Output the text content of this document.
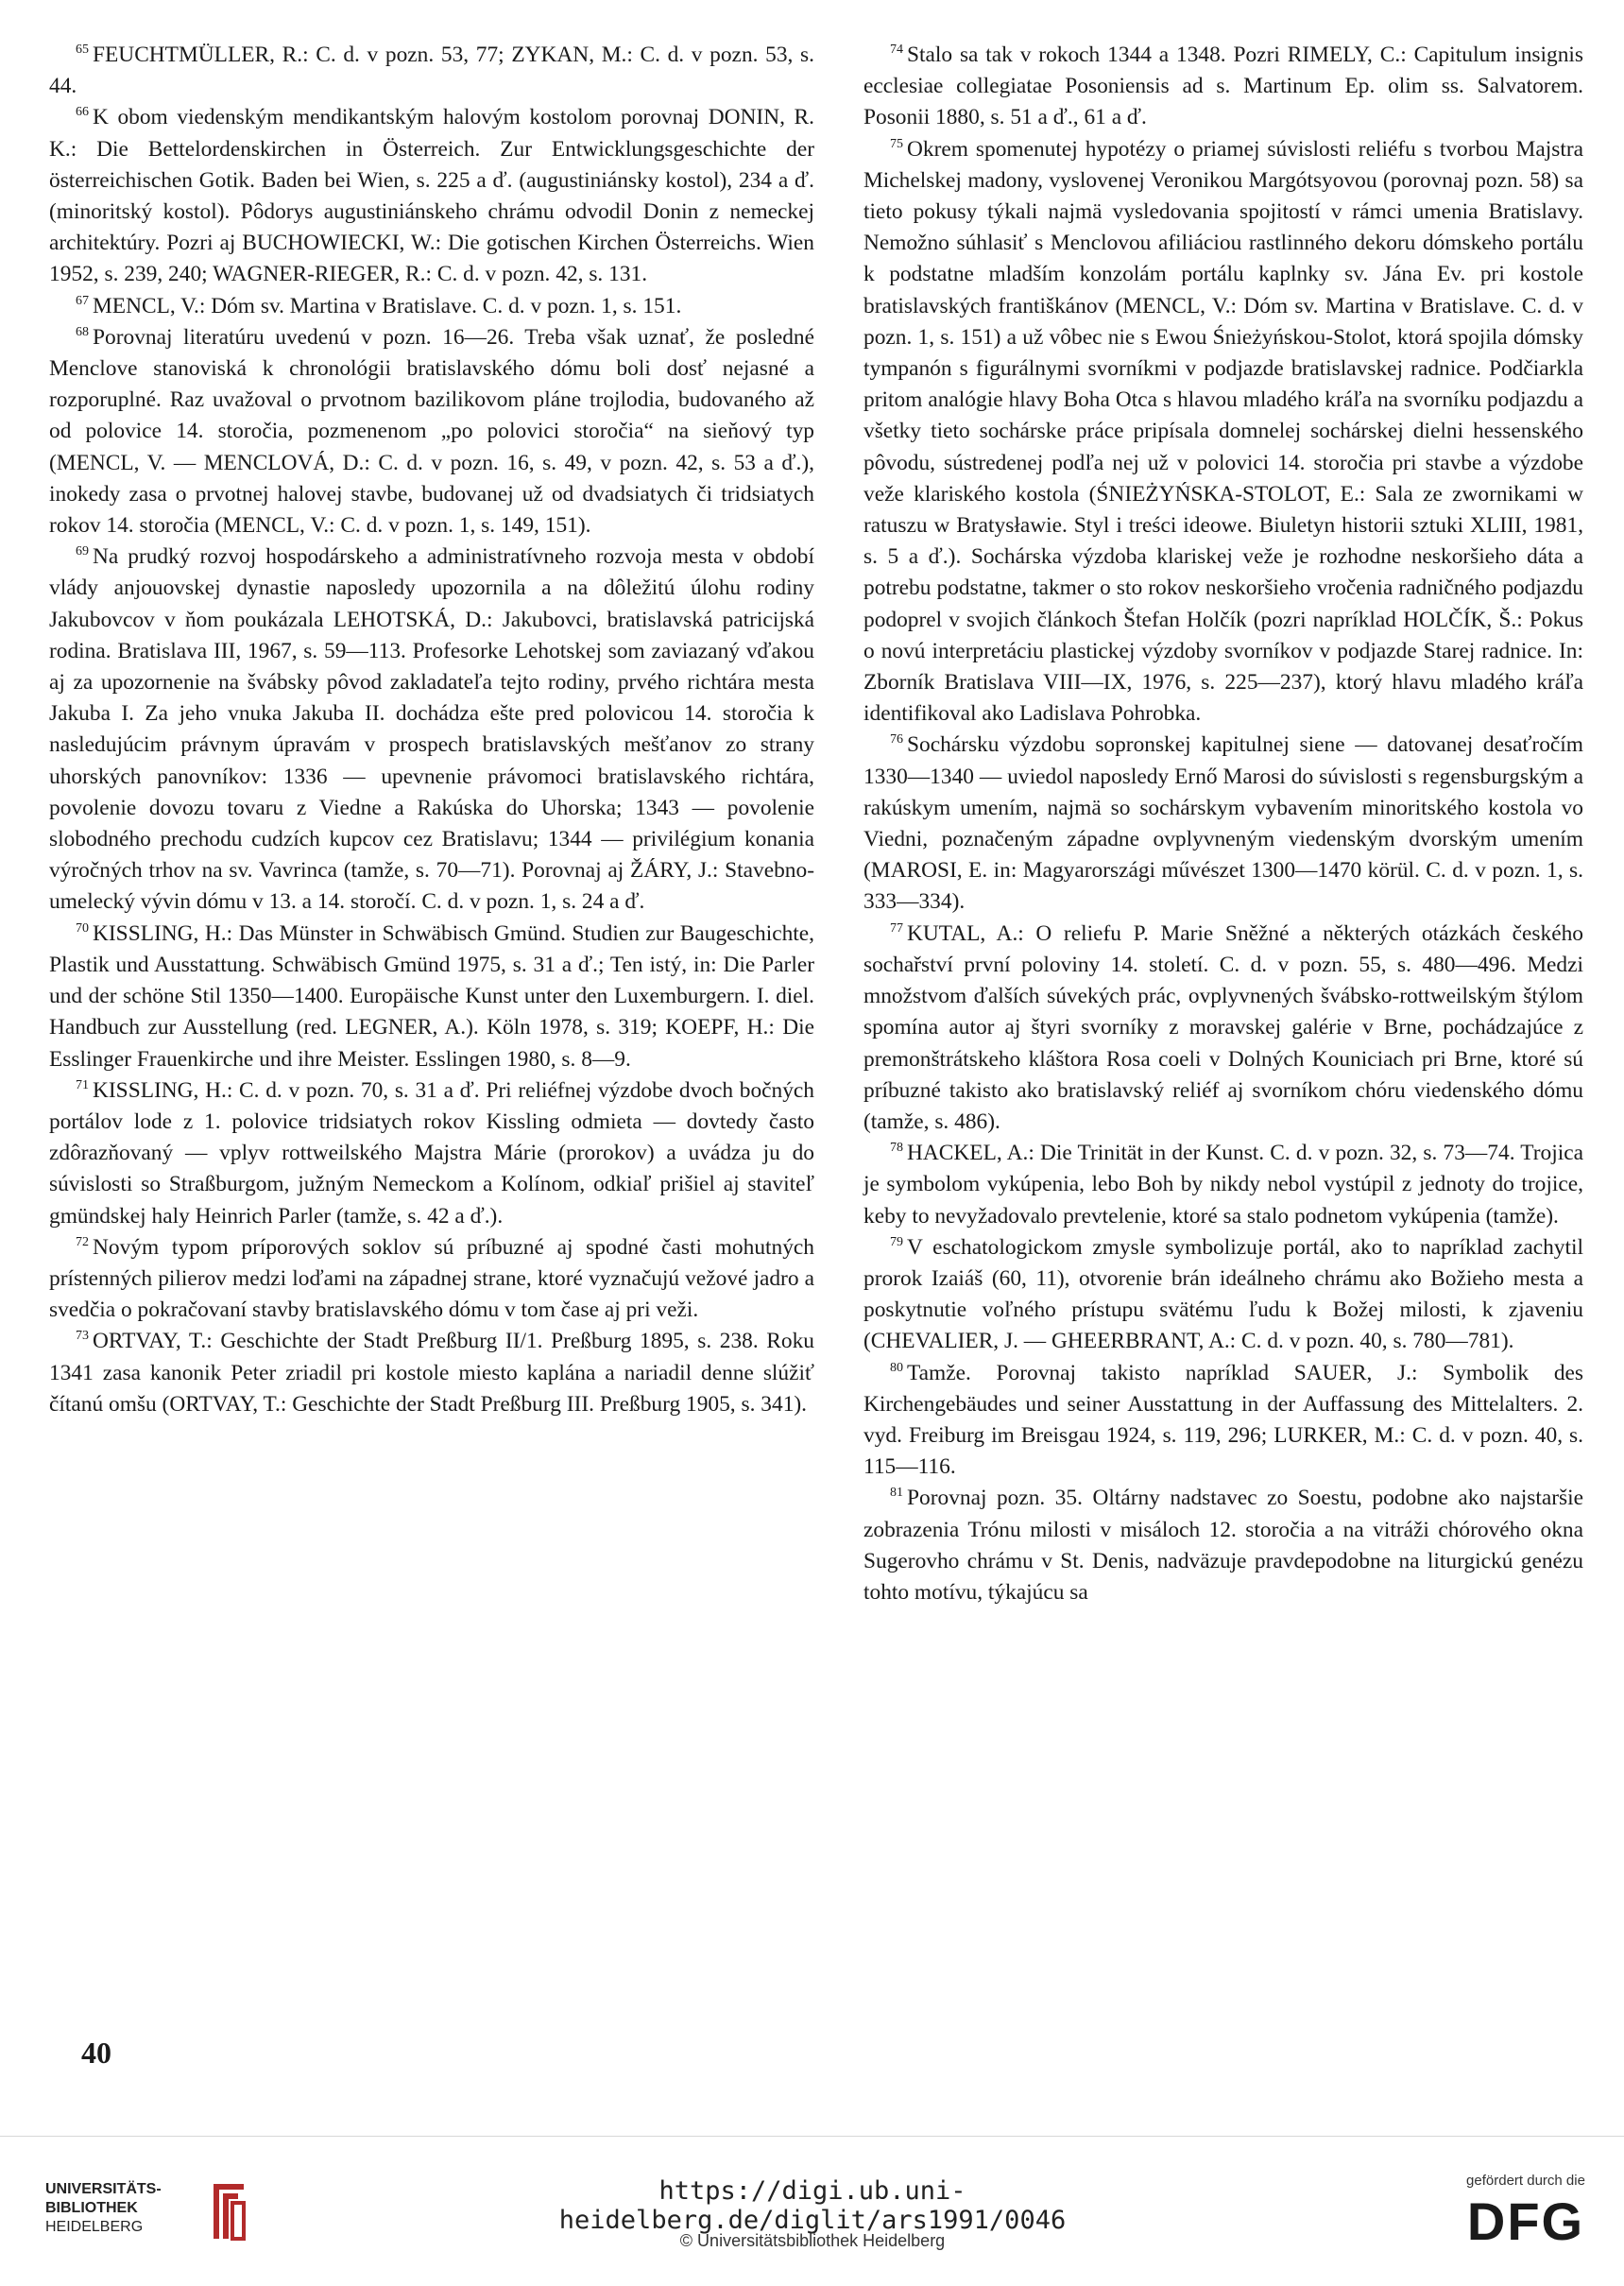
$^{65}$ FEUCHTMÜLLER, R.: C. d. v pozn. 53, 77; ZYKAN, M.: C. d. v pozn. 53, s. 44.

$^{66}$ K obom viedenským mendikantským halovým kostolom porovnaj DONIN, R. K.: Die Bettelordenskirchen in Österreich. Zur Entwicklungsgeschichte der österreichischen Gotik. Baden bei Wien, s. 225 a ď. (augustiniánsky kostol), 234 a ď. (minoritský kostol). Pôdorys augustiniánskeho chrámu odvodil Donin z nemeckej architektúry. Pozri aj BUCHOWIECKI, W.: Die gotischen Kirchen Österreichs. Wien 1952, s. 239, 240; WAGNER-RIEGER, R.: C. d. v pozn. 42, s. 131.

$^{67}$ MENCL, V.: Dóm sv. Martina v Bratislave. C. d. v pozn. 1, s. 151.

$^{68}$ Porovnaj literatúru uvedenú v pozn. 16—26. Treba však uznať, že posledné Menclove stanoviská k chronológii bratislavského dómu boli dosť nejasné a rozporuplné. Raz uvažoval o prvotnom bazilikovom pláne trojlodia, budovaného až od polovice 14. storočia, pozmenenom „po polovici storočia“ na sieňový typ (MENCL, V. — MENCLOVÁ, D.: C. d. v pozn. 16, s. 49, v pozn. 42, s. 53 a ď.), inokedy zasa o prvotnej halovej stavbe, budovanej už od dvadsiatych či tridsiatych rokov 14. storočia (MENCL, V.: C. d. v pozn. 1, s. 149, 151).

$^{69}$ Na prudký rozvoj hospodárskeho a administratívneho rozvoja mesta v období vlády anjouovskej dynastie naposledy upozornila a na dôležitú úlohu rodiny Jakubovcov v ňom poukázala LEHOTSKÁ, D.: Jakubovci, bratislavská patricijská rodina. Bratislava III, 1967, s. 59—113. Profesorke Lehotskej som zaviazaný vďakou aj za upozornenie na švábsky pôvod zakladateľa tejto rodiny, prvého richtára mesta Jakuba I. Za jeho vnuka Jakuba II. dochádza ešte pred polovicou 14. storočia k nasledujúcim právnym úpravám v prospech bratislavských mešťanov zo strany uhorských panovníkov: 1336 — upevnenie právomoci bratislavského richtára, povolenie dovozu tovaru z Viedne a Rakúska do Uhorska; 1343 — povolenie slobodného prechodu cudzích kupcov cez Bratislavu; 1344 — privilégium konania výročných trhov na sv. Vavrinca (tamže, s. 70—71). Porovnaj aj ŽÁRY, J.: Stavebno-umelecký vývin dómu v 13. a 14. storočí. C. d. v pozn. 1, s. 24 a ď.

$^{70}$ KISSLING, H.: Das Münster in Schwäbisch Gmünd. Studien zur Baugeschichte, Plastik und Ausstattung. Schwäbisch Gmünd 1975, s. 31 a ď.; Ten istý, in: Die Parler und der schöne Stil 1350—1400. Europäische Kunst unter den Luxemburgern. I. diel. Handbuch zur Ausstellung (red. LEGNER, A.). Köln 1978, s. 319; KOEPF, H.: Die Esslinger Frauenkirche und ihre Meister. Esslingen 1980, s. 8—9.

$^{71}$ KISSLING, H.: C. d. v pozn. 70, s. 31 a ď. Pri reliéfnej výzdobe dvoch bočných portálov lode z 1. polovice tridsiatych rokov Kissling odmieta — dovtedy často zdôrazňovaný — vplyv rottweilského Majstra Márie (prorokov) a uvádza ju do súvislosti so Straßburgom, južným Nemeckom a Kolínom, odkiaľ prišiel aj staviteľ gmündskej haly Heinrich Parler (tamže, s. 42 a ď.).

$^{72}$ Novým typom príporových soklov sú príbuzné aj spodné časti mohutných prístenných pilierov medzi loďami na západnej strane, ktoré vyznačujú vežové jadro a svedčia o pokračovaní stavby bratislavského dómu v tom čase aj pri veži.

$^{73}$ ORTVAY, T.: Geschichte der Stadt Preßburg II/1. Preßburg 1895, s. 238. Roku 1341 zasa kanonik Peter zriadil pri kostole miesto kaplána a nariadil denne slúžiť čítanú omšu (ORTVAY, T.: Geschichte der Stadt Preßburg III. Preßburg 1905, s. 341).

$^{74}$ Stalo sa tak v rokoch 1344 a 1348. Pozri RIMELY, C.: Capitulum insignis ecclesiae collegiatae Posoniensis ad s. Martinum Ep. olim ss. Salvatorem. Posonii 1880, s. 51 a ď., 61 a ď.

$^{75}$ Okrem spomenutej hypotézy o priamej súvislosti reliéfu s tvorbou Majstra Michelskej madony, vyslovenej Veronikou Margótsyovou (porovnaj pozn. 58) sa tieto pokusy týkali najmä vysledovania spojitostí v rámci umenia Bratislavy. Nemožno súhlasiť s Menclovou afiliáciou rastlinného dekoru dómskeho portálu k podstatne mladším konzolám portálu kaplnky sv. Jána Ev. pri kostole bratislavských františkánov (MENCL, V.: Dóm sv. Martina v Bratislave. C. d. v pozn. 1, s. 151) a už vôbec nie s Ewou Śnieżyńskou-Stolot, ktorá spojila dómsky tympanón s figurálnymi svorníkmi v podjazde bratislavskej radnice. Podčiarkla pritom analógie hlavy Boha Otca s hlavou mladého kráľa na svorníku podjazdu a všetky tieto sochárske práce pripísala domnelej sochárskej dielni hessenského pôvodu, sústredenej podľa nej už v polovici 14. storočia pri stavbe a výzdobe veže klariského kostola (ŚNIEŻYŃSKA-STOLOT, E.: Sala ze zwornikami w ratuszu w Bratysławie. Styl i treści ideowe. Biuletyn historii sztuki XLIII, 1981, s. 5 a ď.). Sochárska výzdoba klariskej veže je rozhodne neskoršieho dáta a potrebu podstatne, takmer o sto rokov neskoršieho vročenia radničného podjazdu podoprel v svojich článkoch Štefan Holčík (pozri napríklad HOLČÍK, Š.: Pokus o novú interpretáciu plastickej výzdoby svorníkov v podjazde Starej radnice. In: Zborník Bratislava VIII—IX, 1976, s. 225—237), ktorý hlavu mladého kráľa identifikoval ako Ladislava Pohrobka.

$^{76}$ Sochársku výzdobu sopronskej kapitulnej siene — datovanej desaťročím 1330—1340 — uviedol naposledy Ernő Marosi do súvislosti s regensburgským a rakúskym umením, najmä so sochárskym vybavením minoritského kostola vo Viedni, poznačeným západne ovplyvneným viedenským dvorským umením (MAROSI, E. in: Magyarországi művészet 1300—1470 körül. C. d. v pozn. 1, s. 333—334).

$^{77}$ KUTAL, A.: O reliefu P. Marie Sněžné a některých otázkách českého sochařství první poloviny 14. století. C. d. v pozn. 55, s. 480—496. Medzi množstvom ďalších súvekých prác, ovplyvnených švábsko-rottweilským štýlom spomína autor aj štyri svorníky z moravskej galérie v Brne, pochádzajúce z premonštrátskeho kláštora Rosa coeli v Dolných Kouniciach pri Brne, ktoré sú príbuzné takisto ako bratislavský reliéf aj svorníkom chóru viedenského dómu (tamže, s. 486).

$^{78}$ HACKEL, A.: Die Trinität in der Kunst. C. d. v pozn. 32, s. 73—74. Trojica je symbolom vykúpenia, lebo Boh by nikdy nebol vystúpil z jednoty do trojice, keby to nevyžadovalo prevtelenie, ktoré sa stalo podnetom vykúpenia (tamže).

$^{79}$ V eschatologickom zmysle symbolizuje portál, ako to napríklad zachytil prorok Izaiáš (60, 11), otvorenie brán ideálneho chrámu ako Božieho mesta a poskytnutie voľného prístupu svätému ľudu k Božej milosti, k zjaveniu (CHEVALIER, J. — GHEERBRANT, A.: C. d. v pozn. 40, s. 780—781).

$^{80}$ Tamže. Porovnaj takisto napríklad SAUER, J.: Symbolik des Kirchengebäudes und seiner Ausstattung in der Auffassung des Mittelalters. 2. vyd. Freiburg im Breisgau 1924, s. 119, 296; LURKER, M.: C. d. v pozn. 40, s. 115—116.

$^{81}$ Porovnaj pozn. 35. Oltárny nadstavec zo Soestu, podobne ako najstaršie zobrazenia Trónu milosti v misáloch 12. storočia a na vitráži chórového okna Sugerovho chrámu v St. Denis, nadväzuje pravdepodobne na liturgickú genézu tohto motívu, týkajúcu sa

40
UNIVERSITÄTS-
BIBLIOTHEK
HEIDELBERG
https://digi.ub.uni-heidelberg.de/diglit/ars1991/0046
© Universitätsbibliothek Heidelberg
gefördert durch die
DFG
